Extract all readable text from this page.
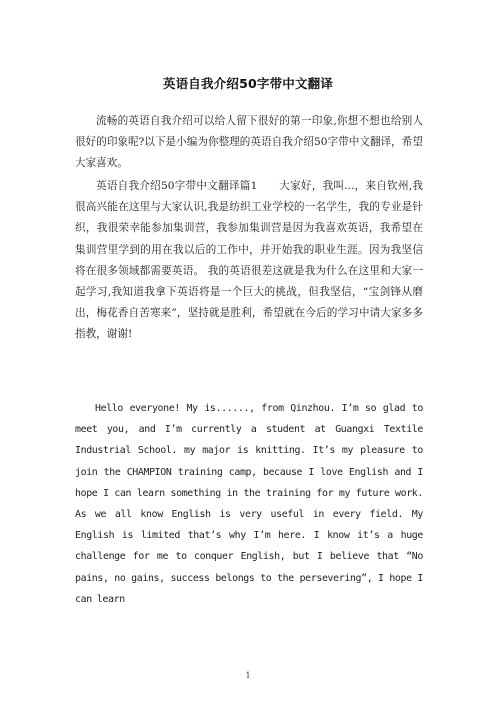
英语自我介绍50字带中文翻译

流畅的英语自我介绍可以给人留下很好的第一印象,你想不想也给别人很好的印象呢?以下是小编为你整理的英语自我介绍50字带中文翻译，希望大家喜欢。

英语自我介绍50字带中文翻译篇1　　大家好，我叫...，来自钦州,我很高兴能在这里与大家认识,我是纺织工业学校的一名学生，我的专业是针织，我很荣幸能参加集训营，我参加集训营是因为我喜欢英语，我希望在集训营里学到的用在我以后的工作中，并开始我的职业生涯。因为我坚信将在很多领域都需要英语。 我的英语很差这就是我为什么在这里和大家一起学习,我知道我拿下英语将是一个巨大的挑战，但我坚信，“宝剑锋从磨出，梅花香自苦寒来”，坚持就是胜利，希望就在今后的学习中请大家多多指教，谢谢!

Hello everyone! My is......, from Qinzhou. I’m so glad to meet you, and I’m currently a student at Guangxi Textile Industrial School. my major is knitting. It’s my pleasure to join the CHAMPION training camp, because I love English and I hope I can learn something in the training for my future work. As we all know English is very useful in every field. My English is limited that’s why I’m here. I know it’s a huge challenge for me to conquer English, but I believe that “No pains, no gains, success belongs to the persevering”, I hope I can learn

1
